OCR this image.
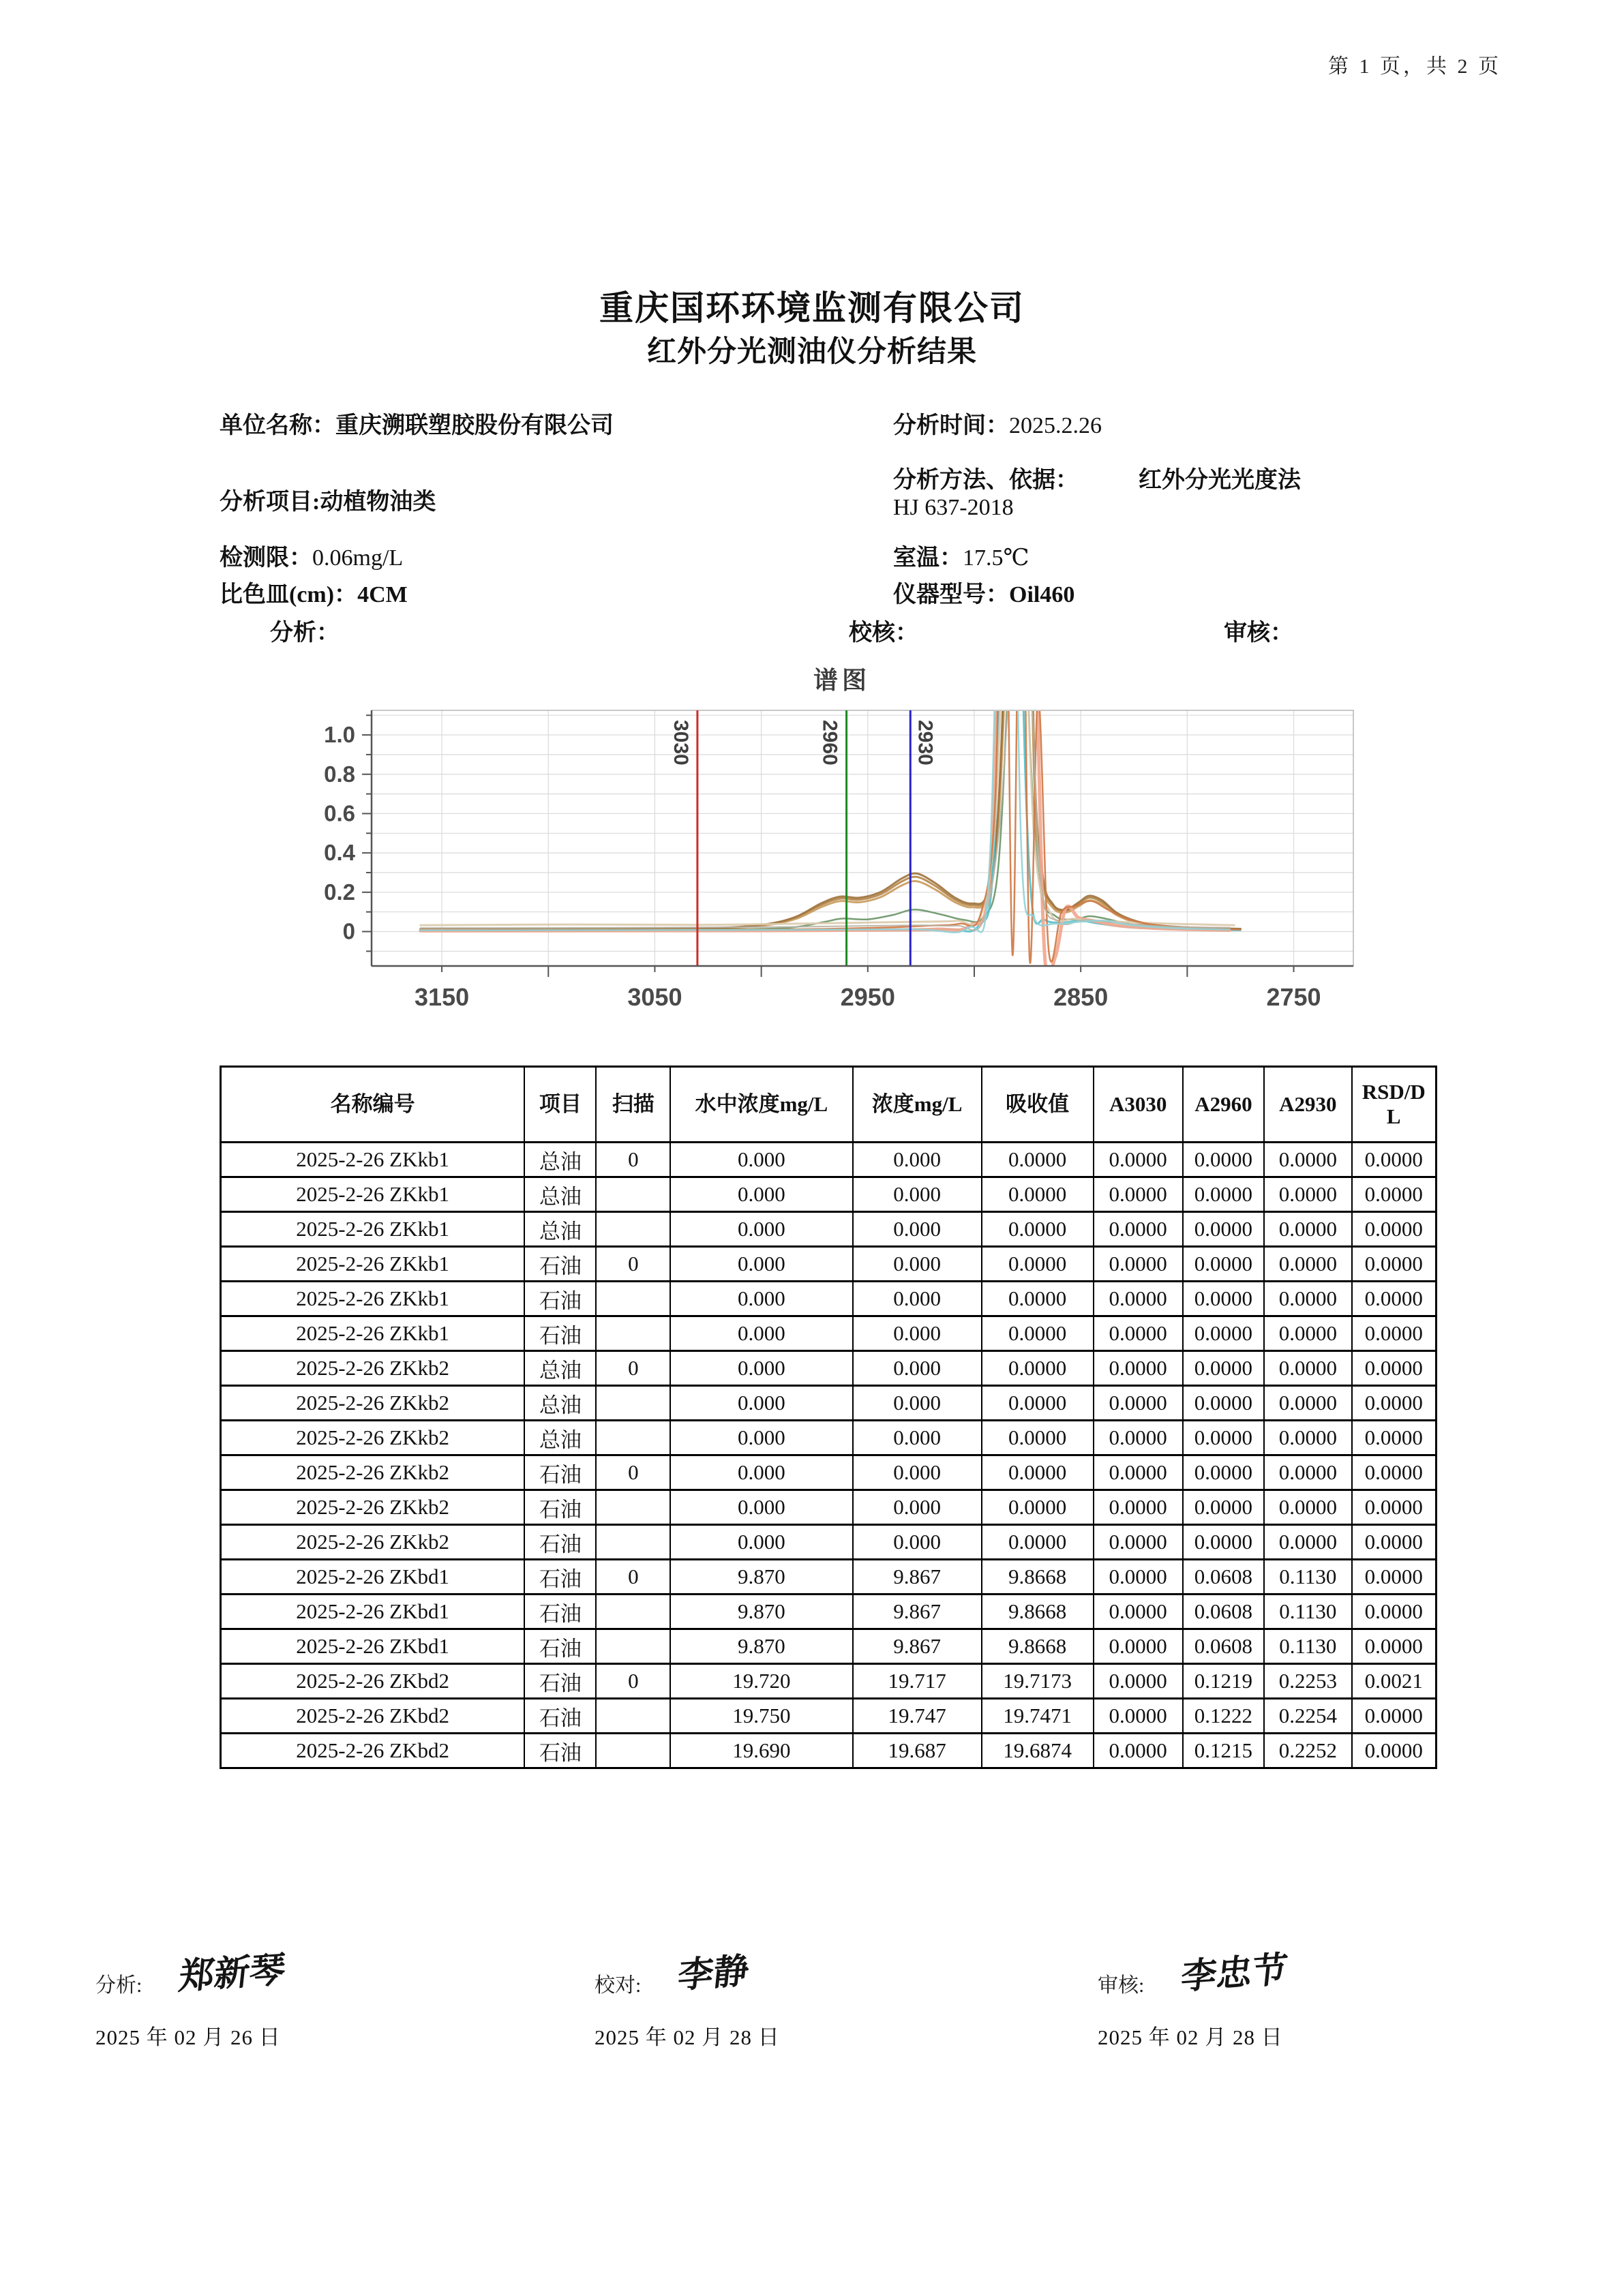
第 1 页，共 2 页
重庆国环环境监测有限公司
红外分光测油仪分析结果
单位名称：重庆溯联塑胶股份有限公司	分析时间：2025.2.26
分析项目:动植物油类
分析方法、依据：	红外分光光度法
HJ 637-2018
检测限：0.06mg/L	室温：17.5℃
比色皿(cm)：4CM	仪器型号：Oil460
分析：	校核：	审核：
3030	2960	2930
0
0.2
0.4
0.6
0.8
1.0
3150	3050	2950	2850	2750
谱图
名称编号	项目	扫描	水中浓度mg/L	浓度mg/L	吸收值	A3030	A2960	A2930	RSD/DL
2025-2-26 ZKkb1	总油	0	0.000	0.000	0.0000	0.0000	0.0000	0.0000	0.0000
2025-2-26 ZKkb1	总油		0.000	0.000	0.0000	0.0000	0.0000	0.0000	0.0000
2025-2-26 ZKkb1	总油		0.000	0.000	0.0000	0.0000	0.0000	0.0000	0.0000
2025-2-26 ZKkb1	石油	0	0.000	0.000	0.0000	0.0000	0.0000	0.0000	0.0000
2025-2-26 ZKkb1	石油		0.000	0.000	0.0000	0.0000	0.0000	0.0000	0.0000
2025-2-26 ZKkb1	石油		0.000	0.000	0.0000	0.0000	0.0000	0.0000	0.0000
2025-2-26 ZKkb2	总油	0	0.000	0.000	0.0000	0.0000	0.0000	0.0000	0.0000
2025-2-26 ZKkb2	总油		0.000	0.000	0.0000	0.0000	0.0000	0.0000	0.0000
2025-2-26 ZKkb2	总油		0.000	0.000	0.0000	0.0000	0.0000	0.0000	0.0000
2025-2-26 ZKkb2	石油	0	0.000	0.000	0.0000	0.0000	0.0000	0.0000	0.0000
2025-2-26 ZKkb2	石油		0.000	0.000	0.0000	0.0000	0.0000	0.0000	0.0000
2025-2-26 ZKkb2	石油		0.000	0.000	0.0000	0.0000	0.0000	0.0000	0.0000
2025-2-26 ZKbd1	石油	0	9.870	9.867	9.8668	0.0000	0.0608	0.1130	0.0000
2025-2-26 ZKbd1	石油		9.870	9.867	9.8668	0.0000	0.0608	0.1130	0.0000
2025-2-26 ZKbd1	石油		9.870	9.867	9.8668	0.0000	0.0608	0.1130	0.0000
2025-2-26 ZKbd2	石油	0	19.720	19.717	19.7173	0.0000	0.1219	0.2253	0.0021
2025-2-26 ZKbd2	石油		19.750	19.747	19.7471	0.0000	0.1222	0.2254	0.0000
2025-2-26 ZKbd2	石油		19.690	19.687	19.6874	0.0000	0.1215	0.2252	0.0000
分析: 郑新琴
2025 年 02 月 26 日
校对: 李静
2025 年 02 月 28 日
审核: 李忠节
2025 年 02 月 28 日
